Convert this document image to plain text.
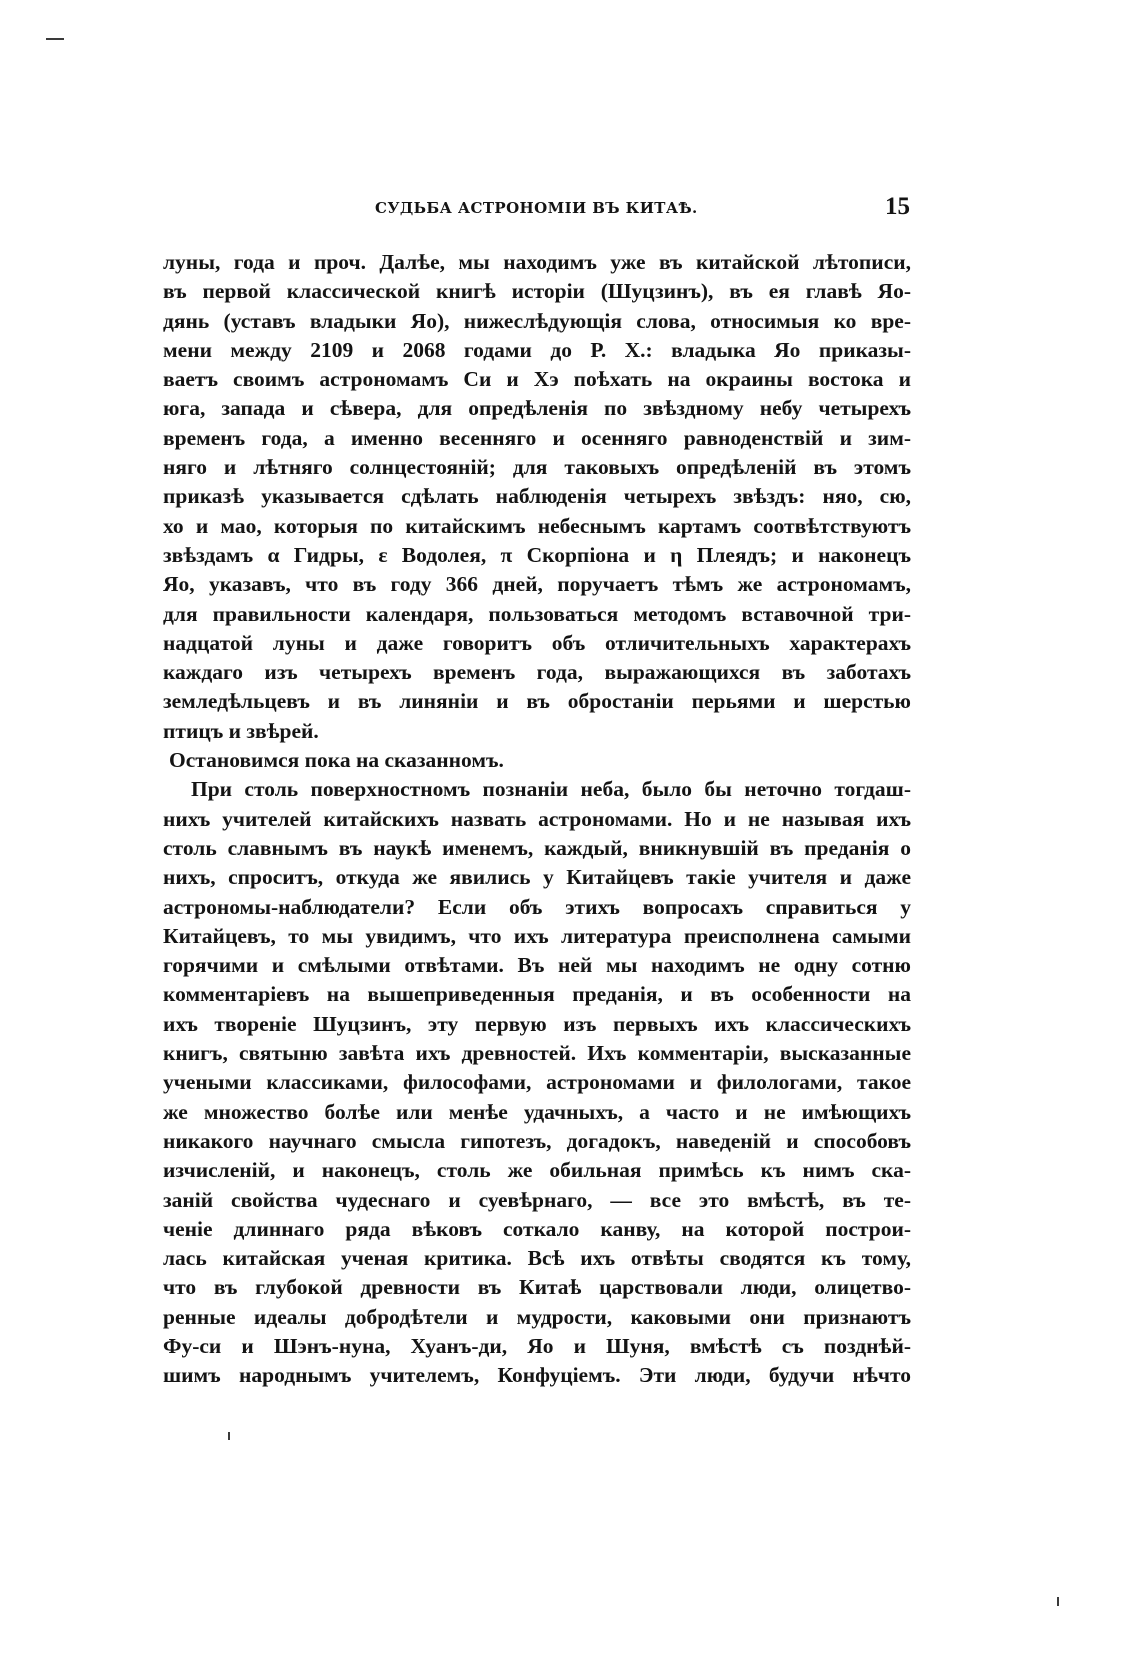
СУДЬБА АСТРОНОМІИ ВЪ КИТАѢ.	15
луны, года и проч. Далѣе, мы находимъ уже въ китайской лѣтописи,
въ первой классической книгѣ исторіи (Шуцзинъ), въ ея главѣ Яо-
дянь (уставъ владыки Яо), нижеслѣдующія слова, относимыя ко вре-
мени между 2109 и 2068 годами до Р. Х.: владыка Яо приказы-
ваетъ своимъ астрономамъ Си и Хэ поѣхать на окраины востока и
юга, запада и сѣвера, для опредѣленія по звѣздному небу четырехъ
временъ года, а именно весенняго и осенняго равноденствій и зим-
няго и лѣтняго солнцестояній; для таковыхъ опредѣленій въ этомъ
приказѣ указывается сдѣлать наблюденія четырехъ звѣздъ: няо, сю,
хо и мао, которыя по китайскимъ небеснымъ картамъ соотвѣтствуютъ
звѣздамъ α Гидры, ε Водолея, π Скорпіона и η Плеядъ; и наконецъ
Яо, указавъ, что въ году 366 дней, поручаетъ тѣмъ же астрономамъ,
для правильности календаря, пользоваться методомъ вставочной три-
надцатой луны и даже говоритъ объ отличительныхъ характерахъ
каждаго изъ четырехъ временъ года, выражающихся въ заботахъ
земледѣльцевъ и въ линяніи и въ обростаніи перьями и шерстью
птицъ и звѣрей.
Остановимся пока на сказанномъ.
При столь поверхностномъ познаніи неба, было бы неточно тогдаш-
нихъ учителей китайскихъ назвать астрономами. Но и не называя ихъ
столь славнымъ въ наукѣ именемъ, каждый, вникнувшій въ преданія о
нихъ, спроситъ, откуда же явились у Китайцевъ такіе учителя и даже
астрономы-наблюдатели? Если объ этихъ вопросахъ справиться у
Китайцевъ, то мы увидимъ, что ихъ литература преисполнена самыми
горячими и смѣлыми отвѣтами. Въ ней мы находимъ не одну сотню
комментаріевъ на вышеприведенныя преданія, и въ особенности на
ихъ твореніе Шуцзинъ, эту первую изъ первыхъ ихъ классическихъ
книгъ, святыню завѣта ихъ древностей. Ихъ комментаріи, высказанные
учеными классиками, философами, астрономами и филологами, такое
же множество болѣе или менѣе удачныхъ, а часто и не имѣющихъ
никакого научнаго смысла гипотезъ, догадокъ, наведеній и способовъ
изчисленій, и наконецъ, столь же обильная примѣсь къ нимъ ска-
заній свойства чудеснаго и суевѣрнаго, — все это вмѣстѣ, въ те-
ченіе длиннаго ряда вѣковъ соткало канву, на которой построи-
лась китайская ученая критика. Всѣ ихъ отвѣты сводятся къ тому,
что въ глубокой древности въ Китаѣ царствовали люди, олицетво-
ренные идеалы добродѣтели и мудрости, каковыми они признаютъ
Фу-си и Шэнъ-нуна, Хуанъ-ди, Яо и Шуня, вмѣстѣ съ позднѣй-
шимъ народнымъ учителемъ, Конфуціемъ. Эти люди, будучи нѣчто
